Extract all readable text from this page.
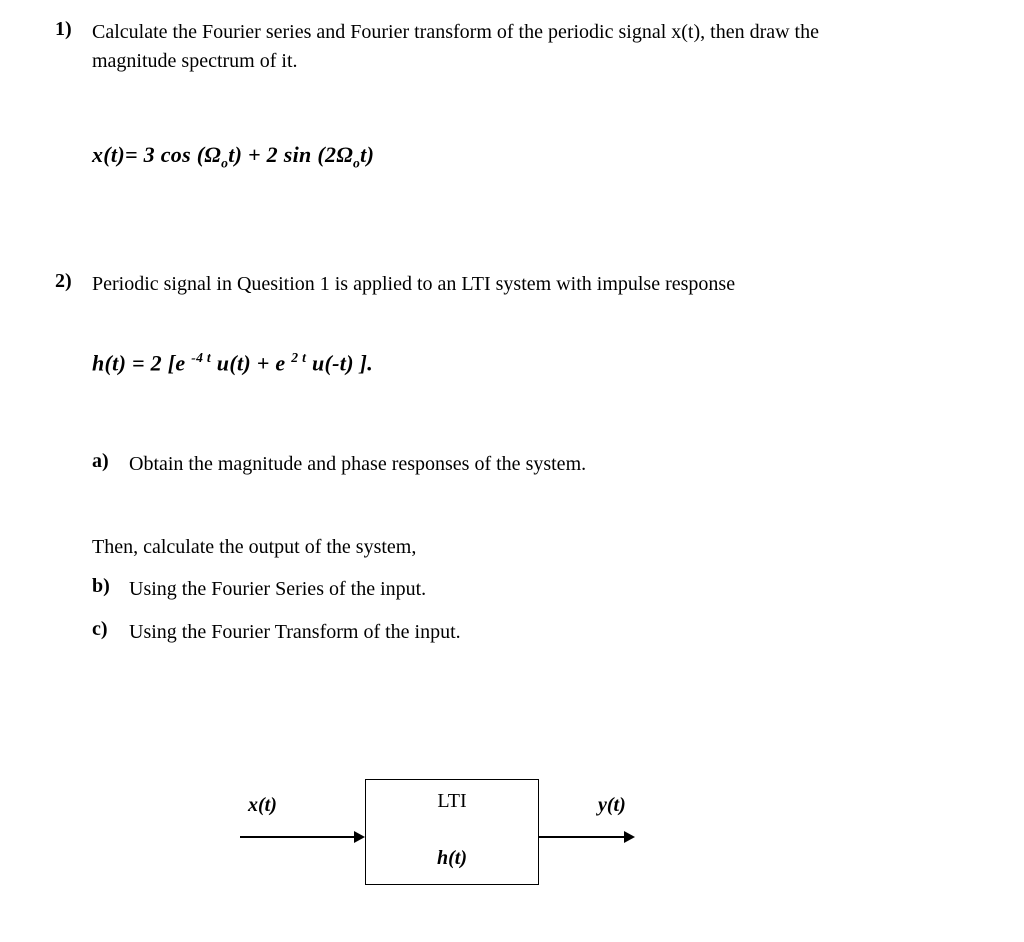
1)	Calculate the Fourier series and Fourier transform of the periodic signal x(t), then draw the magnitude spectrum of it.
x(t)= 3 $\cos (\Omega_ot) + 2$ $\sin (2\Omega_ot)$
2)	Periodic signal in Quesition 1 is applied to an LTI system with impulse response
h(t) = 2 [e $^{-4 t}$ u(t) + e $^{2 t}$ u(-t) ].
a)	Obtain the magnitude and phase responses of the system.
Then, calculate the output of the system,
b) Using the Fourier Series of the input.
c)	Using the Fourier Transform of the input.
x(t)	LTI
h(t)
y(t)
